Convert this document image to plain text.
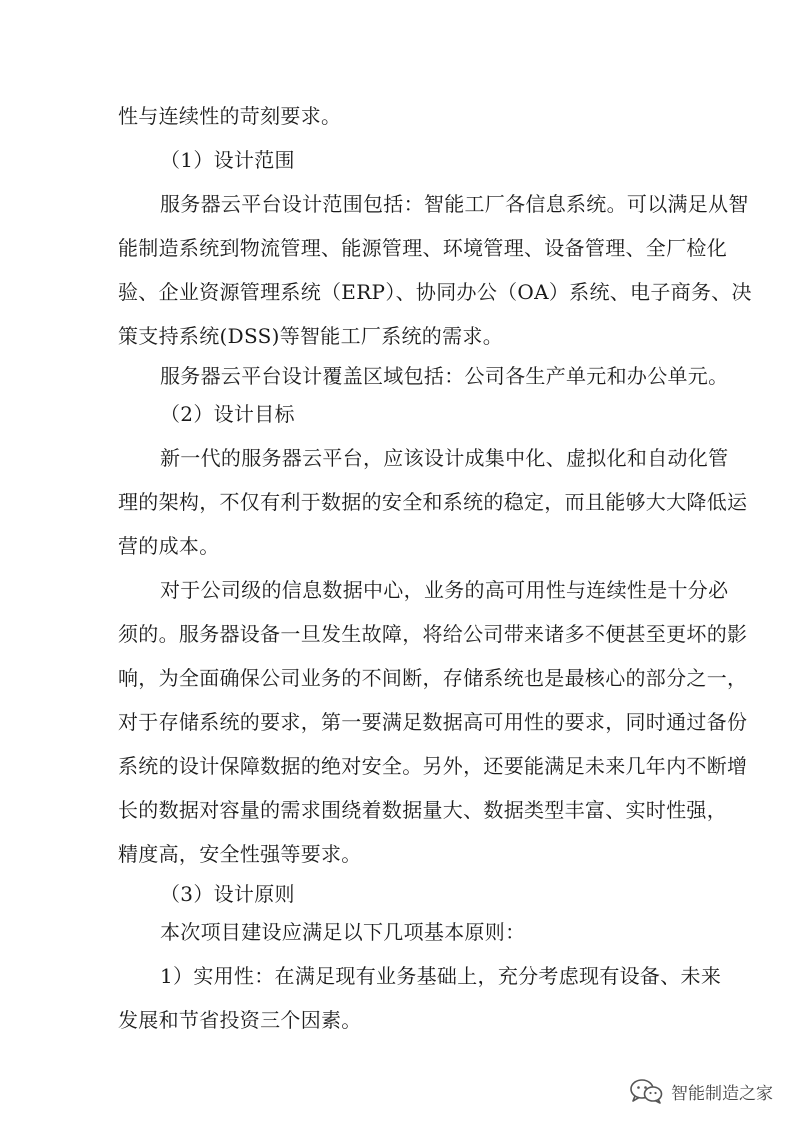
性与连续性的苛刻要求。
（1）设计范围
服务器云平台设计范围包括：智能工厂各信息系统。可以满足从智
能制造系统到物流管理、能源管理、环境管理、设备管理、全厂检化
验、企业资源管理系统（ERP）、协同办公（OA）系统、电子商务、决
策支持系统(DSS)等智能工厂系统的需求。
服务器云平台设计覆盖区域包括：公司各生产单元和办公单元。
（2）设计目标
新一代的服务器云平台，应该设计成集中化、虚拟化和自动化管
理的架构，不仅有利于数据的安全和系统的稳定，而且能够大大降低运
营的成本。
对于公司级的信息数据中心，业务的高可用性与连续性是十分必
须的。服务器设备一旦发生故障，将给公司带来诸多不便甚至更坏的影
响，为全面确保公司业务的不间断，存储系统也是最核心的部分之一，
对于存储系统的要求，第一要满足数据高可用性的要求，同时通过备份
系统的设计保障数据的绝对安全。另外，还要能满足未来几年内不断增
长的数据对容量的需求围绕着数据量大、数据类型丰富、实时性强，
精度高，安全性强等要求。
（3）设计原则
本次项目建设应满足以下几项基本原则：
1）实用性：在满足现有业务基础上，充分考虑现有设备、未来
发展和节省投资三个因素。
智能制造之家
